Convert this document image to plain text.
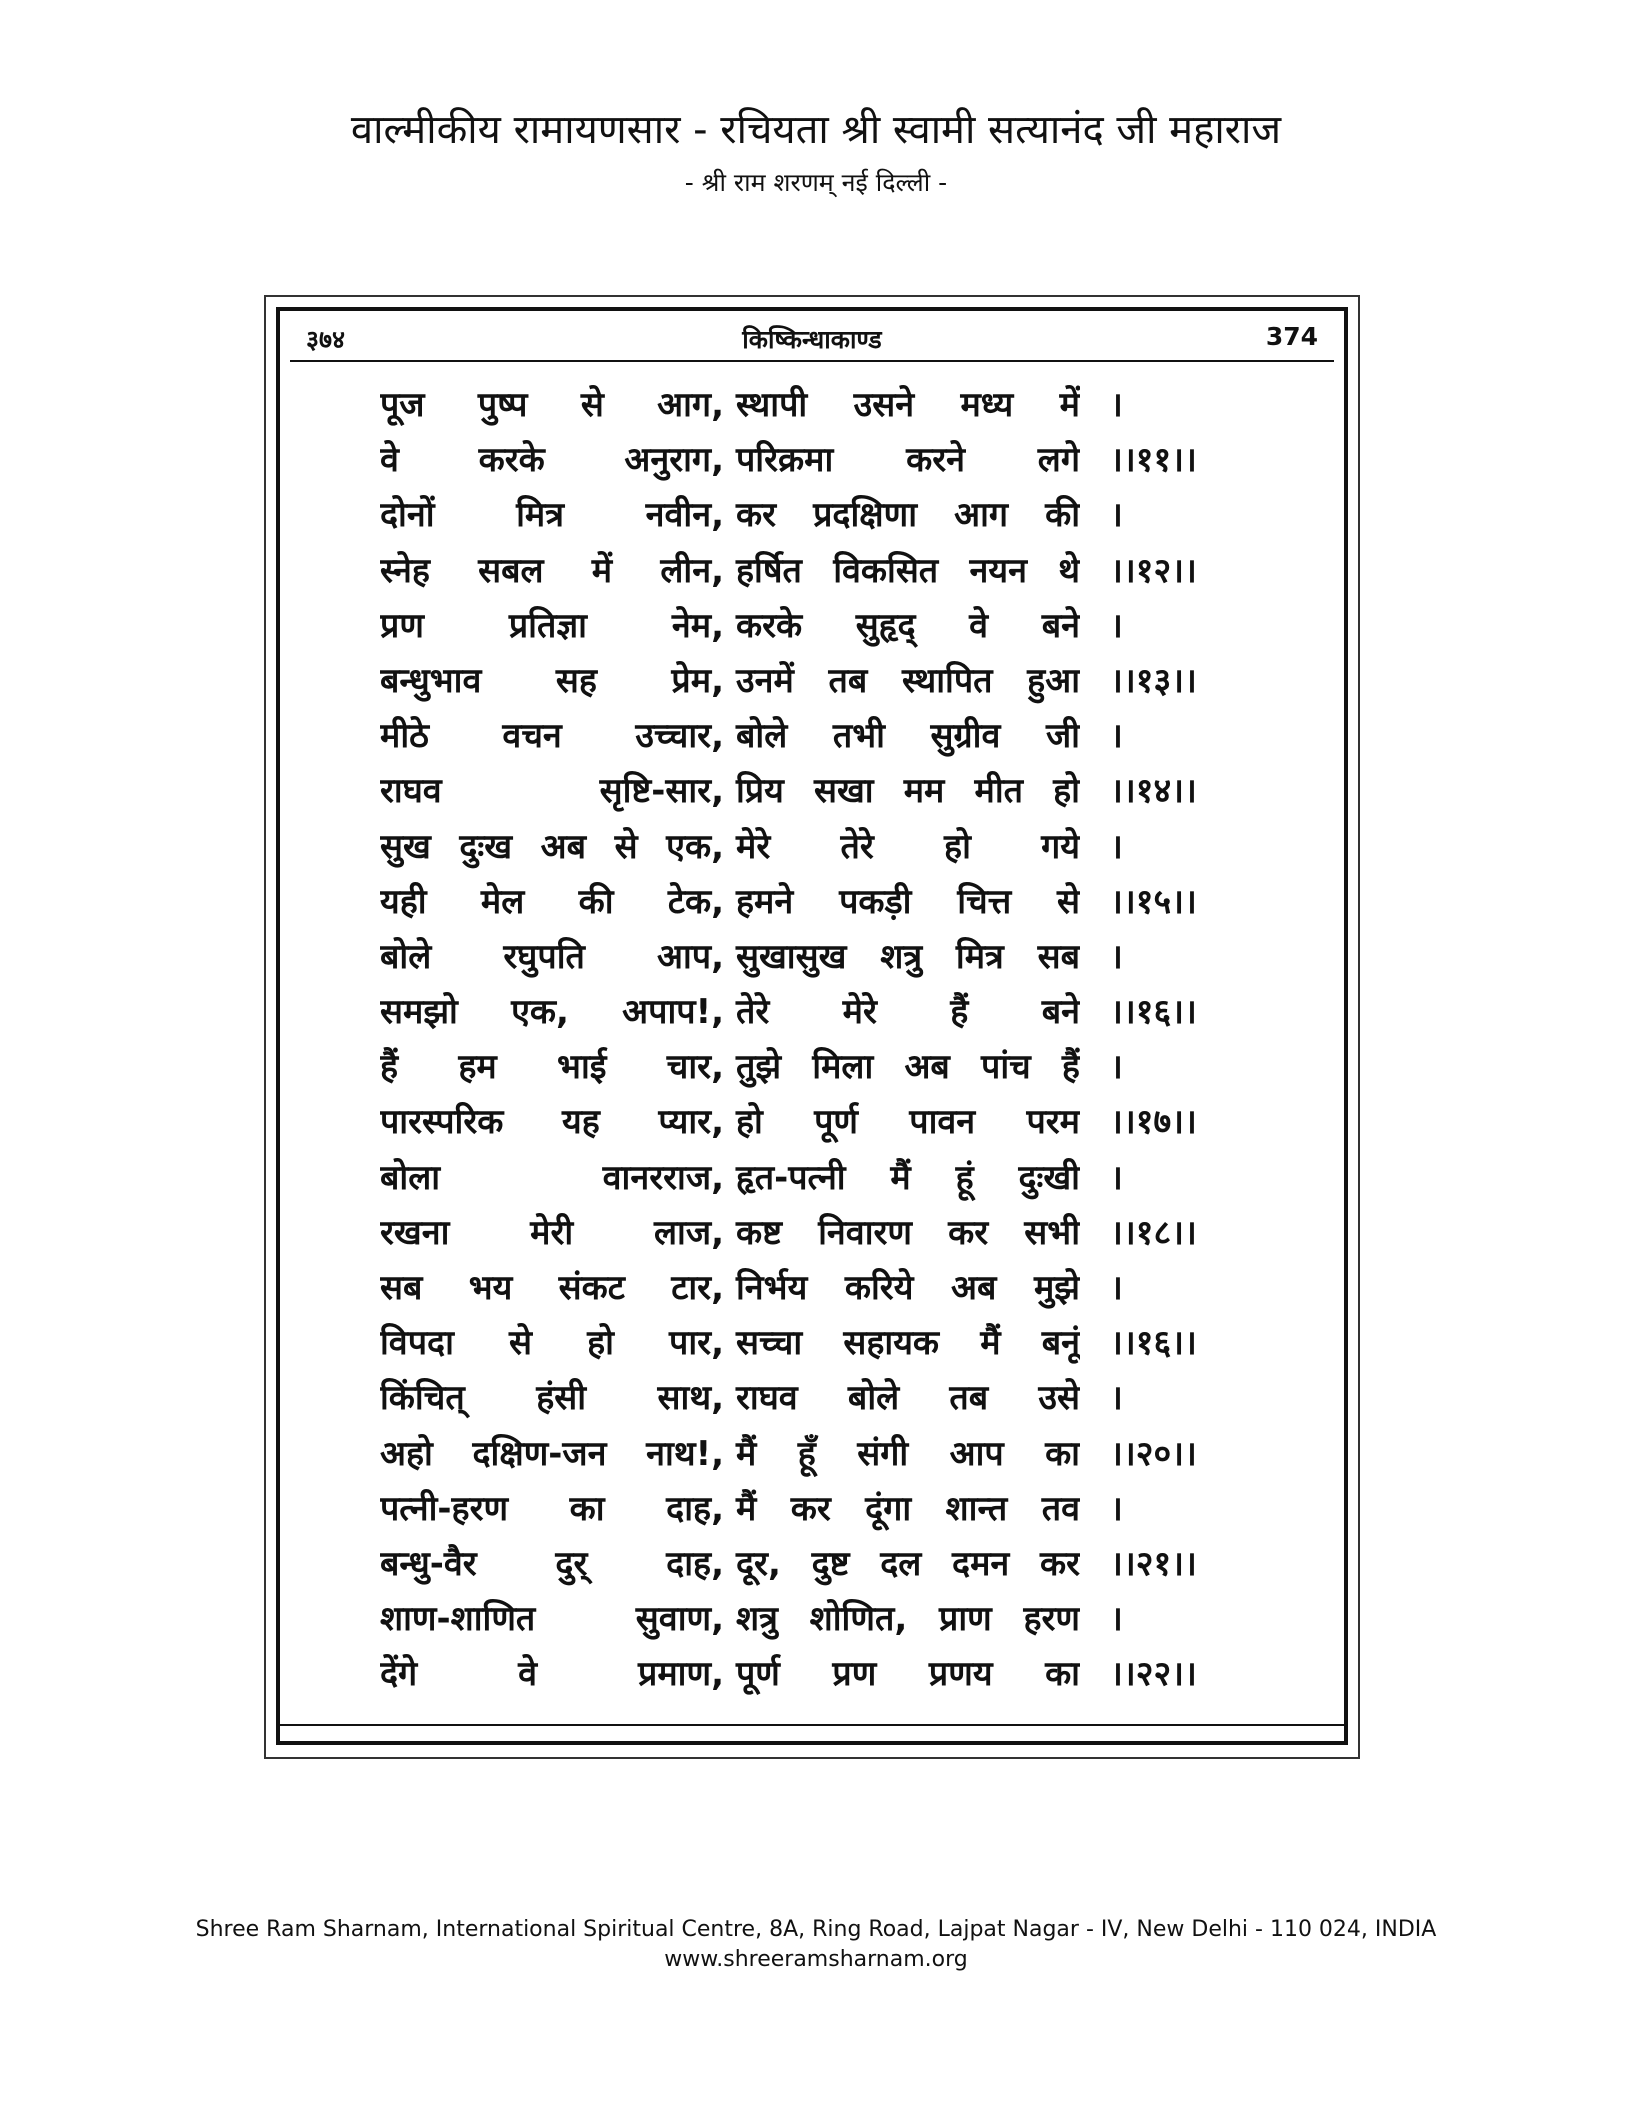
वाल्मीकीय रामायणसार - रचियता श्री स्वामी सत्यानंद जी महाराज
- श्री राम शरणम् नई दिल्ली -
३७४	किष्किन्धाकाण्ड	374
पूज पुष्प से आग, स्थापी उसने मध्य में ।
वे करके अनुराग, परिक्रमा करने लगे ।।११।।
दोनों मित्र नवीन, कर प्रदक्षिणा आग की ।
स्नेह सबल में लीन, हर्षित विकसित नयन थे ।।१२।।
प्रण प्रतिज्ञा नेम, करके सुहृद् वे बने ।
बन्धुभाव सह प्रेम, उनमें तब स्थापित हुआ ।।१३।।
मीठे वचन उच्चार, बोले तभी सुग्रीव जी ।
राघव सृष्टि-सार, प्रिय सखा मम मीत हो ।।१४।।
सुख दुःख अब से एक, मेरे तेरे हो गये ।
यही मेल की टेक, हमने पकड़ी चित्त से ।।१५।।
बोले रघुपति आप, सुखासुख शत्रु मित्र सब ।
समझो एक, अपाप!, तेरे मेरे हैं बने ।।१६।।
हैं हम भाई चार, तुझे मिला अब पांच हैं ।
पारस्परिक यह प्यार, हो पूर्ण पावन परम ।।१७।।
बोला वानरराज, हृत-पत्नी मैं हूं दुःखी ।
रखना मेरी लाज, कष्ट निवारण कर सभी ।।१८।।
सब भय संकट टार, निर्भय करिये अब मुझे ।
विपदा से हो पार, सच्चा सहायक मैं बनूं ।।१६।।
किंचित् हंसी साथ, राघव बोले तब उसे ।
अहो दक्षिण-जन नाथ!, मैं हूँ संगी आप का ।।२०।।
पत्नी-हरण का दाह, मैं कर दूंगा शान्त तव ।
बन्धु-वैर दुर् दाह, दूर, दुष्ट दल दमन कर ।।२१।।
शाण-शाणित सुवाण, शत्रु शोणित, प्राण हरण ।
देंगे वे प्रमाण, पूर्ण प्रण प्रणय का ।।२२।।
Shree Ram Sharnam, International Spiritual Centre, 8A, Ring Road, Lajpat Nagar - IV, New Delhi - 110 024, INDIA
www.shreeramsharnam.org
